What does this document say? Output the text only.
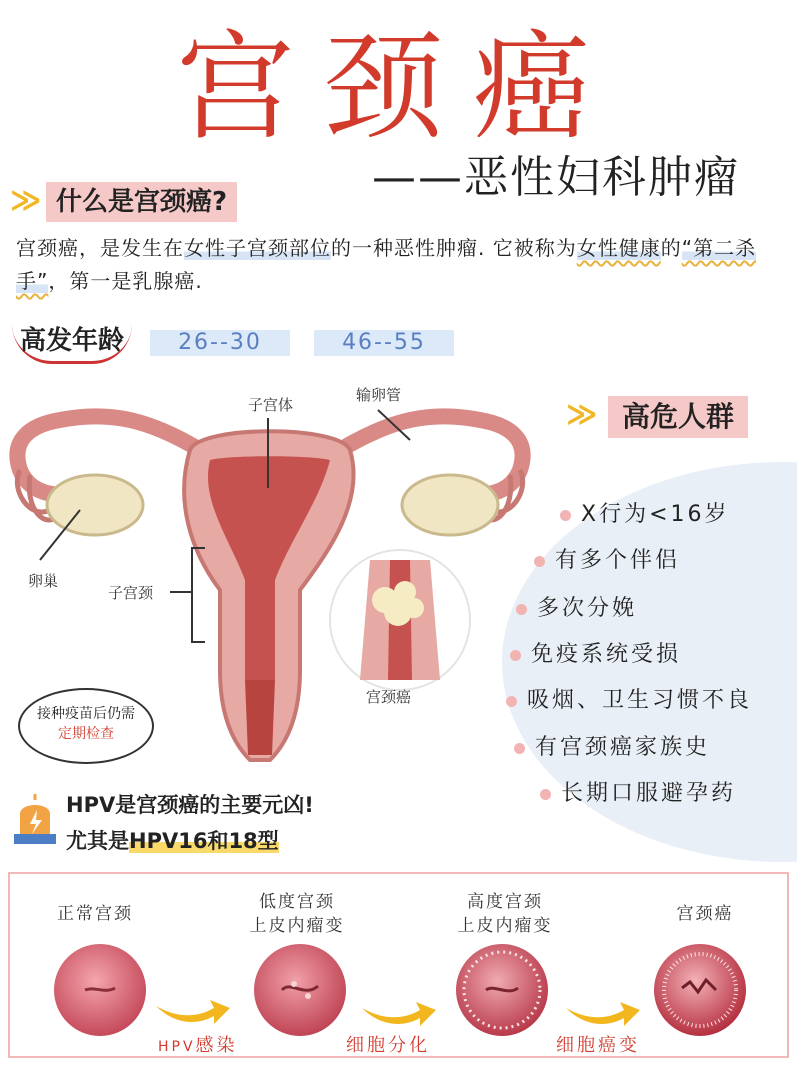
宫颈癌
——恶性妇科肿瘤
≫ 什么是宫颈癌?
宫颈癌，是发生在女性子宫颈部位的一种恶性肿瘤. 它被称为女性健康的“第二杀手”，第一是乳腺癌.
高发年龄	26--30	46--55
子宫体
输卵管
卵巢
子宫颈
宫颈癌
接种疫苗后仍需
定期检查
≫ 高危人群
X行为<16岁
有多个伴侣
多次分娩
免疫系统受损
吸烟、卫生习惯不良
有宫颈癌家族史
长期口服避孕药
HPV是宫颈癌的主要元凶!
尤其是HPV16和18型
正常宫颈
低度宫颈
上皮内瘤变
高度宫颈
上皮内瘤变
宫颈癌
HPV感染	细胞分化	细胞癌变
